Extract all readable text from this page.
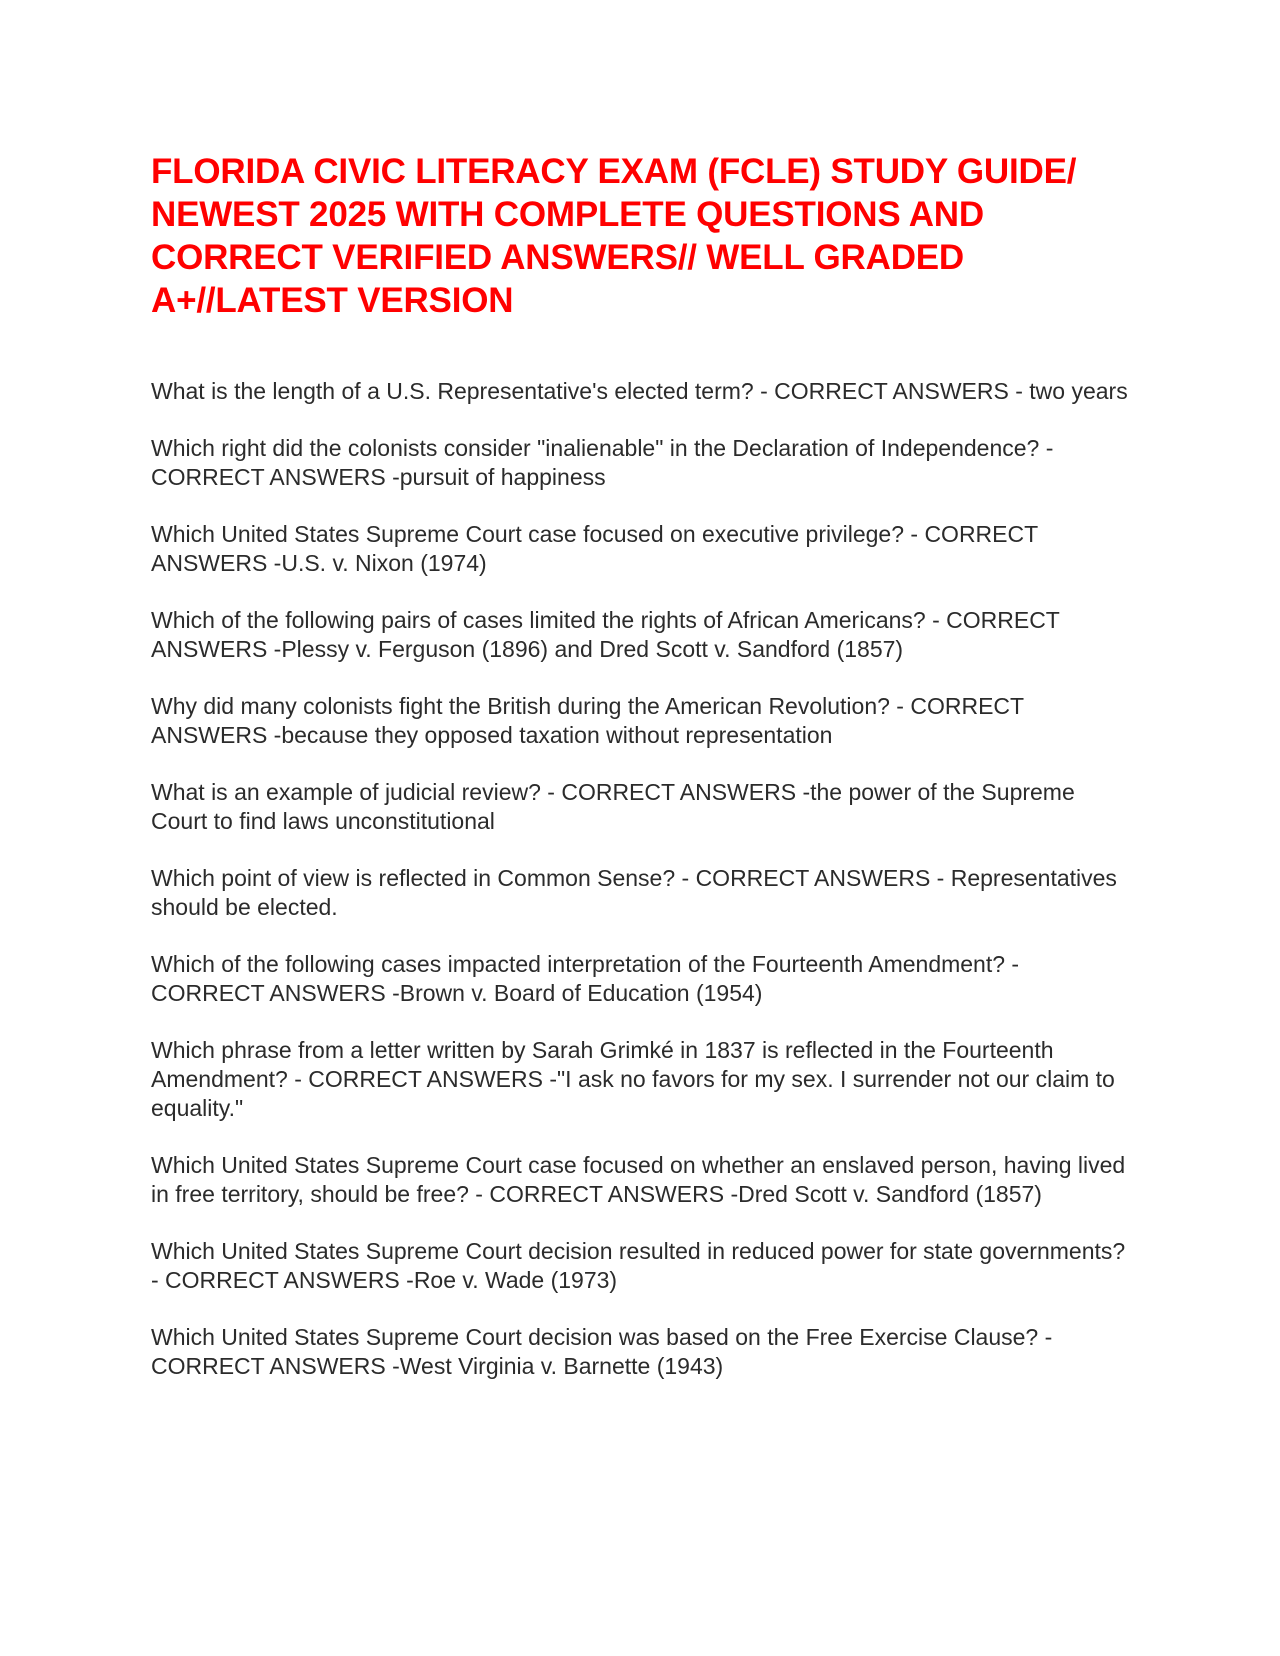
FLORIDA CIVIC LITERACY EXAM (FCLE) STUDY GUIDE/ NEWEST 2025 WITH COMPLETE QUESTIONS AND CORRECT VERIFIED ANSWERS// WELL GRADED A+//LATEST VERSION
What is the length of a U.S. Representative's elected term? - CORRECT ANSWERS - two years
Which right did the colonists consider "inalienable" in the Declaration of Independence? - CORRECT ANSWERS -pursuit of happiness
Which United States Supreme Court case focused on executive privilege? - CORRECT ANSWERS -U.S. v. Nixon (1974)
Which of the following pairs of cases limited the rights of African Americans? - CORRECT ANSWERS -Plessy v. Ferguson (1896) and Dred Scott v. Sandford (1857)
Why did many colonists fight the British during the American Revolution? - CORRECT ANSWERS -because they opposed taxation without representation
What is an example of judicial review? - CORRECT ANSWERS -the power of the Supreme Court to find laws unconstitutional
Which point of view is reflected in Common Sense? - CORRECT ANSWERS - Representatives should be elected.
Which of the following cases impacted interpretation of the Fourteenth Amendment? - CORRECT ANSWERS -Brown v. Board of Education (1954)
Which phrase from a letter written by Sarah Grimké in 1837 is reflected in the Fourteenth Amendment? - CORRECT ANSWERS -"I ask no favors for my sex. I surrender not our claim to equality."
Which United States Supreme Court case focused on whether an enslaved person, having lived in free territory, should be free? - CORRECT ANSWERS -Dred Scott v. Sandford (1857)
Which United States Supreme Court decision resulted in reduced power for state governments? - CORRECT ANSWERS -Roe v. Wade (1973)
Which United States Supreme Court decision was based on the Free Exercise Clause? - CORRECT ANSWERS -West Virginia v. Barnette (1943)
